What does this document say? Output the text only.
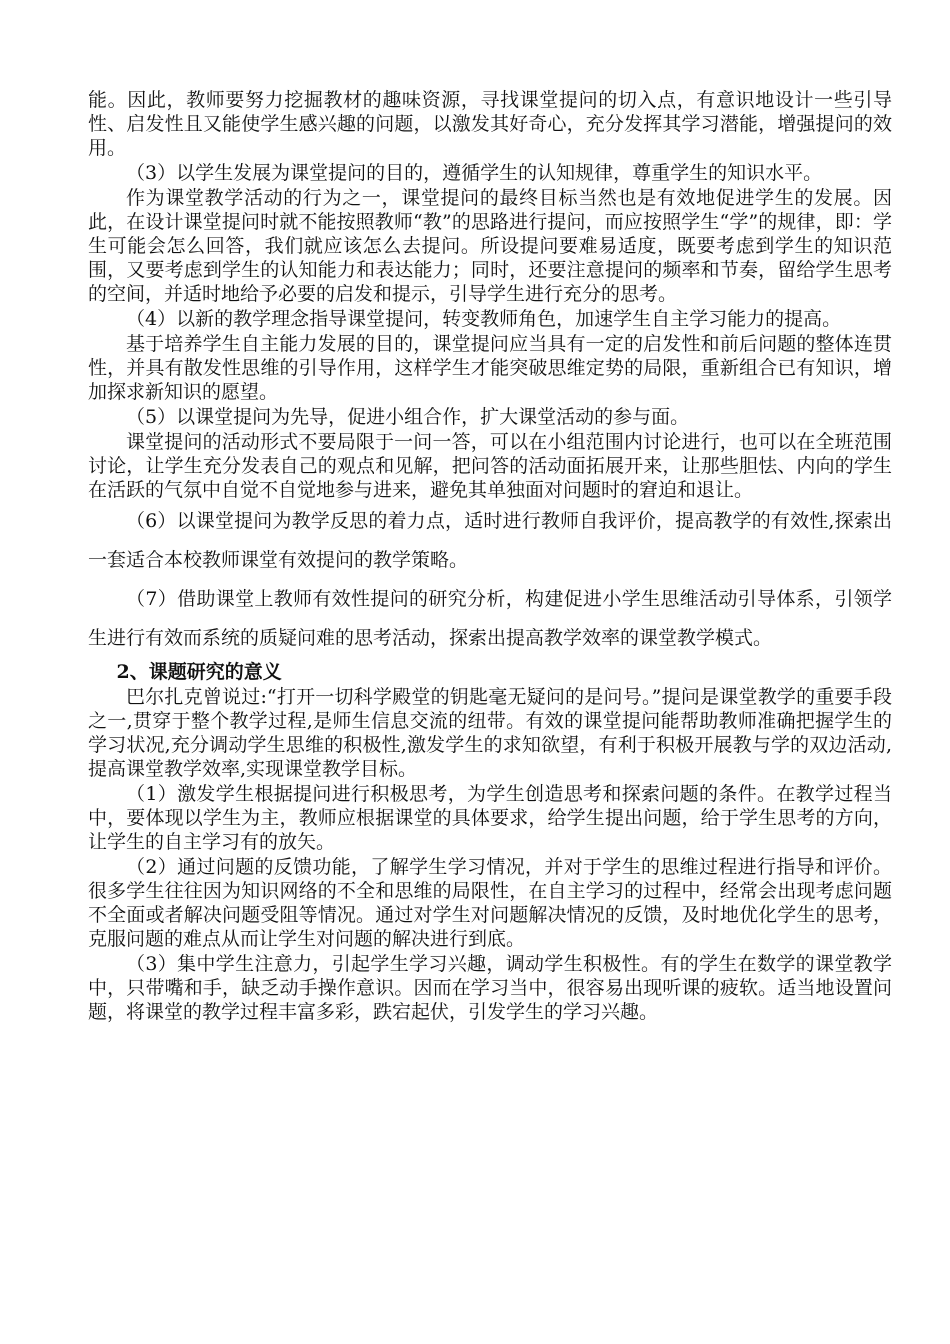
能。因此，教师要努力挖掘教材的趣味资源，寻找课堂提问的切入点，有意识地设计一些引导性、启发性且又能使学生感兴趣的问题，以激发其好奇心，充分发挥其学习潜能，增强提问的效用。

（3）以学生发展为课堂提问的目的，遵循学生的认知规律，尊重学生的知识水平。

作为课堂教学活动的行为之一，课堂提问的最终目标当然也是有效地促进学生的发展。因此，在设计课堂提问时就不能按照教师“教”的思路进行提问，而应按照学生“学”的规律，即：学生可能会怎么回答，我们就应该怎么去提问。所设提问要难易适度，既要考虑到学生的知识范围，又要考虑到学生的认知能力和表达能力；同时，还要注意提问的频率和节奏，留给学生思考的空间，并适时地给予必要的启发和提示，引导学生进行充分的思考。

（4）以新的教学理念指导课堂提问，转变教师角色，加速学生自主学习能力的提高。

基于培养学生自主能力发展的目的，课堂提问应当具有一定的启发性和前后问题的整体连贯性，并具有散发性思维的引导作用，这样学生才能突破思维定势的局限，重新组合已有知识，增加探求新知识的愿望。

（5）以课堂提问为先导，促进小组合作，扩大课堂活动的参与面。

课堂提问的活动形式不要局限于一问一答，可以在小组范围内讨论进行，也可以在全班范围讨论，让学生充分发表自己的观点和见解，把问答的活动面拓展开来，让那些胆怯、内向的学生在活跃的气氛中自觉不自觉地参与进来，避免其单独面对问题时的窘迫和退让。

（6）以课堂提问为教学反思的着力点，适时进行教师自我评价，提高教学的有效性,探索出一套适合本校教师课堂有效提问的教学策略。

（7）借助课堂上教师有效性提问的研究分析，构建促进小学生思维活动引导体系，引领学生进行有效而系统的质疑问难的思考活动，探索出提高教学效率的课堂教学模式。

2、课题研究的意义

巴尔扎克曾说过:“打开一切科学殿堂的钥匙毫无疑问的是问号。”提问是课堂教学的重要手段之一,贯穿于整个教学过程,是师生信息交流的纽带。有效的课堂提问能帮助教师准确把握学生的学习状况,充分调动学生思维的积极性,激发学生的求知欲望，有利于积极开展教与学的双边活动,提高课堂教学效率,实现课堂教学目标。

（1）激发学生根据提问进行积极思考，为学生创造思考和探索问题的条件。在教学过程当中，要体现以学生为主，教师应根据课堂的具体要求，给学生提出问题，给于学生思考的方向，让学生的自主学习有的放矢。

（2）通过问题的反馈功能，了解学生学习情况，并对于学生的思维过程进行指导和评价。很多学生往往因为知识网络的不全和思维的局限性，在自主学习的过程中，经常会出现考虑问题不全面或者解决问题受阻等情况。通过对学生对问题解决情况的反馈，及时地优化学生的思考，克服问题的难点从而让学生对问题的解决进行到底。

（3）集中学生注意力，引起学生学习兴趣，调动学生积极性。有的学生在数学的课堂教学中，只带嘴和手，缺乏动手操作意识。因而在学习当中，很容易出现听课的疲软。适当地设置问题，将课堂的教学过程丰富多彩，跌宕起伏，引发学生的学习兴趣。
